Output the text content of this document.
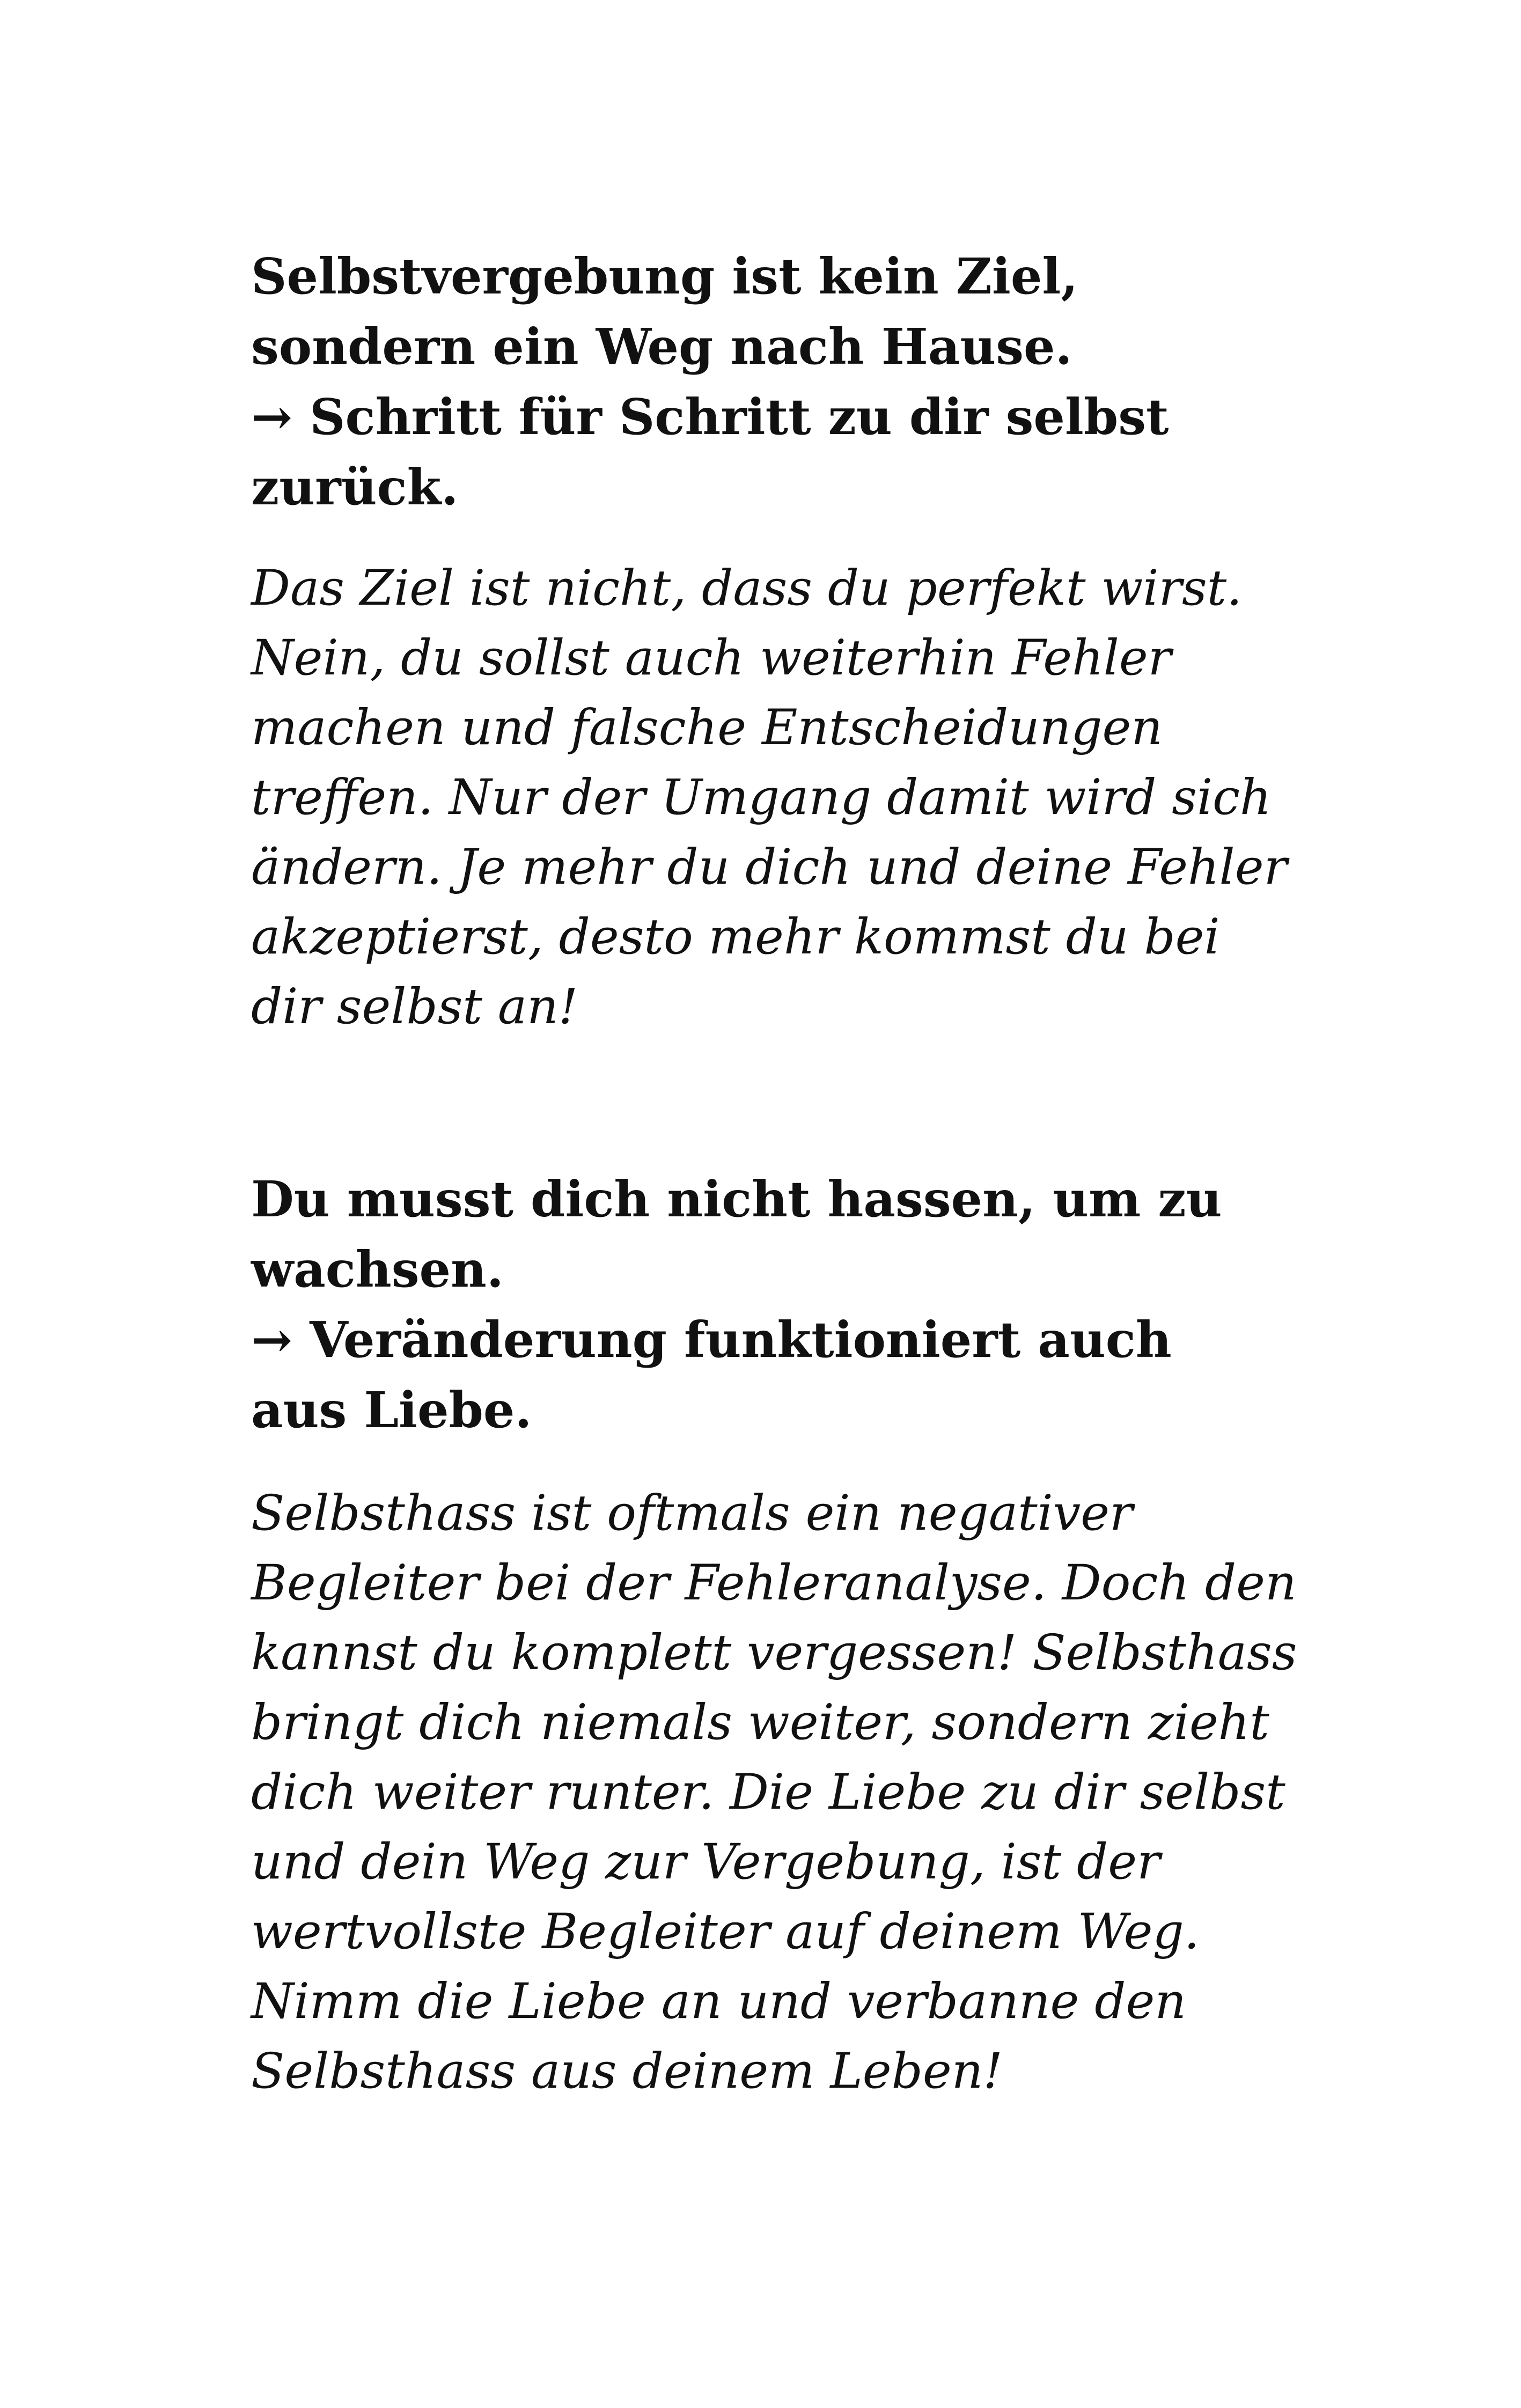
Selbstvergebung ist kein Ziel,
sondern ein Weg nach Hause.
→ Schritt für Schritt zu dir selbst
zurück.
Das Ziel ist nicht, dass du perfekt wirst.
Nein, du sollst auch weiterhin Fehler
machen und falsche Entscheidungen
treffen. Nur der Umgang damit wird sich
ändern. Je mehr du dich und deine Fehler
akzeptierst, desto mehr kommst du bei
dir selbst an!
Du musst dich nicht hassen, um zu
wachsen.
→ Veränderung funktioniert auch
aus Liebe.
Selbsthass ist oftmals ein negativer
Begleiter bei der Fehleranalyse. Doch den
kannst du komplett vergessen! Selbsthass
bringt dich niemals weiter, sondern zieht
dich weiter runter. Die Liebe zu dir selbst
und dein Weg zur Vergebung, ist der
wertvollste Begleiter auf deinem Weg.
Nimm die Liebe an und verbanne den
Selbsthass aus deinem Leben!
